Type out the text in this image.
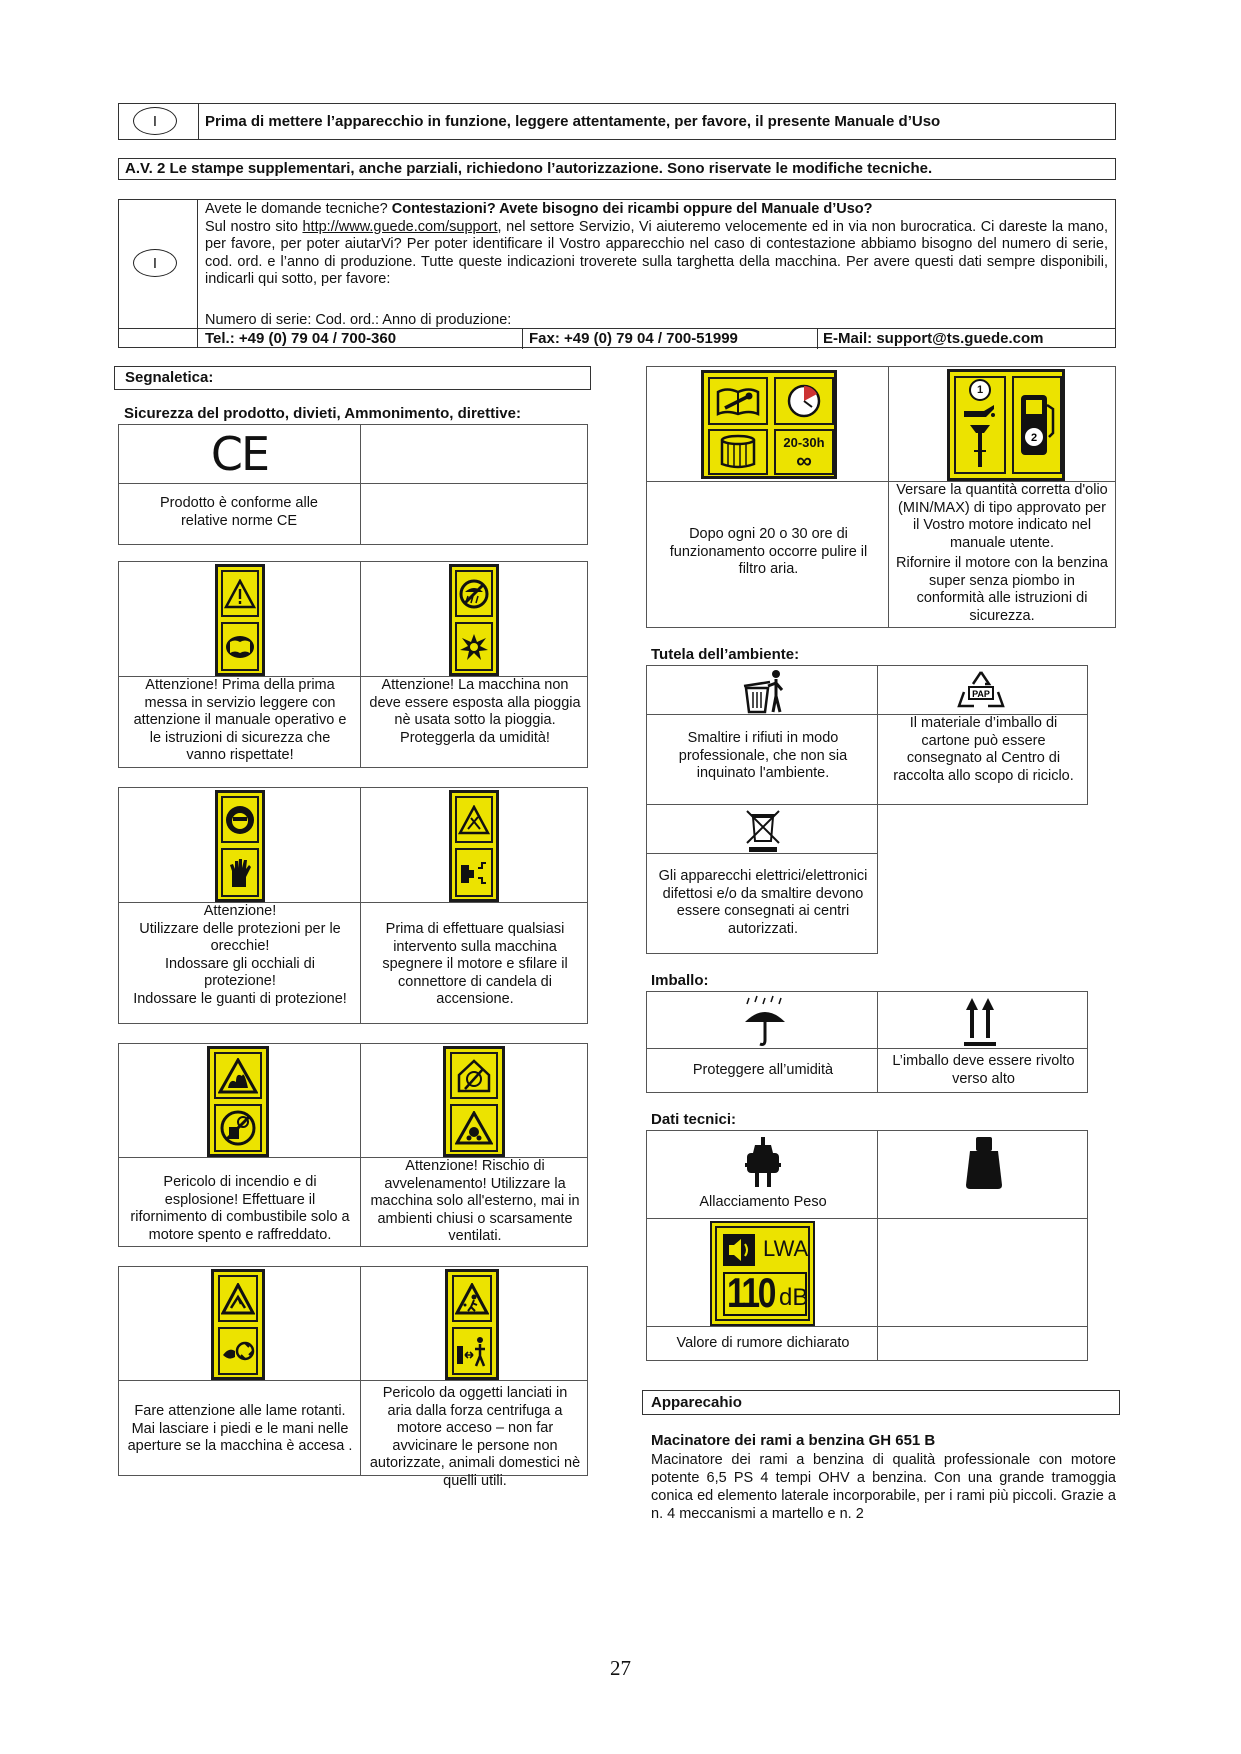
I	Prima di mettere l’apparecchio in funzione, leggere attentamente, per favore, il presente Manuale d’Uso
A.V. 2 Le stampe supplementari, anche parziali, richiedono l’autorizzazione. Sono riservate le modifiche tecniche.
I
Avete le domande tecniche? Contestazioni? Avete bisogno dei ricambi oppure del Manuale d’Uso?
Sul nostro sito http://www.guede.com/support, nel settore Servizio, Vi aiuteremo velocemente ed in via non burocratica. Ci dareste la mano, per favore, per poter aiutarVi? Per poter identificare il Vostro apparecchio nel caso di contestazione abbiamo bisogno del numero di serie, cod. ord. e l’anno di produzione. Tutte queste indicazioni troverete sulla targhetta della macchina. Per avere questi dati sempre disponibili, indicarli qui sotto, per favore:
Numero di serie: Cod. ord.: Anno di produzione:
Tel.: +49 (0) 79 04 / 700-360	Fax: +49 (0) 79 04 / 700-51999	E-Mail: support@ts.guede.com
Segnaletica:
Sicurezza del prodotto, divieti, Ammonimento, direttive:
CE
Prodotto è conforme alle relative norme CE
Attenzione! Prima della prima messa in servizio leggere con attenzione il manuale operativo e le istruzioni di sicurezza che vanno rispettate!
Attenzione! La macchina non deve essere esposta alla pioggia nè usata sotto la pioggia. Proteggerla da umidità!
Attenzione!
Utilizzare delle protezioni per le orecchie!
Indossare gli occhiali di protezione!
Indossare le guanti di protezione!
Prima di effettuare qualsiasi intervento sulla macchina spegnere il motore e sfilare il connettore di candela di accensione.
Pericolo di incendio e di esplosione! Effettuare il rifornimento di combustibile solo a motore spento e raffreddato.
Attenzione! Rischio di avvelenamento! Utilizzare la macchina solo all'esterno, mai in ambienti chiusi o scarsamente ventilati.
Fare attenzione alle lame rotanti. Mai lasciare i piedi e le mani nelle aperture se la macchina è accesa .
Pericolo da oggetti lanciati in aria dalla forza centrifuga a motore acceso – non far avvicinare le persone non autorizzate, animali domestici nè quelli utili.
20-30h
∞
1
2
Dopo ogni 20 o 30 ore di funzionamento occorre pulire il filtro aria.
Versare la quantità corretta d'olio (MIN/MAX) di tipo approvato per il Vostro motore indicato nel manuale utente.
Rifornire il motore con la benzina super senza piombo in conformità alle istruzioni di sicurezza.
Tutela dell’ambiente:
PAP
Smaltire i rifiuti in modo professionale, che non sia inquinato l'ambiente.
Il materiale d’imballo di cartone può essere consegnato al Centro di raccolta allo scopo di riciclo.
Gli apparecchi elettrici/elettronici difettosi e/o da smaltire devono essere consegnati ai centri autorizzati.
Imballo:
Proteggere all’umidità
L’imballo deve essere rivolto verso alto
Dati tecnici:
Allacciamento Peso
LWA
110 dB
Valore di rumore dichiarato
Apparecahio
Macinatore dei rami a benzina GH 651 B
Macinatore dei rami a benzina di qualità professionale con motore potente 6,5 PS 4 tempi OHV a benzina. Con una grande tramoggia conica ed elemento laterale incorporabile, per i rami più piccoli. Grazie a n. 4 meccanismi a martello e n. 2
27
